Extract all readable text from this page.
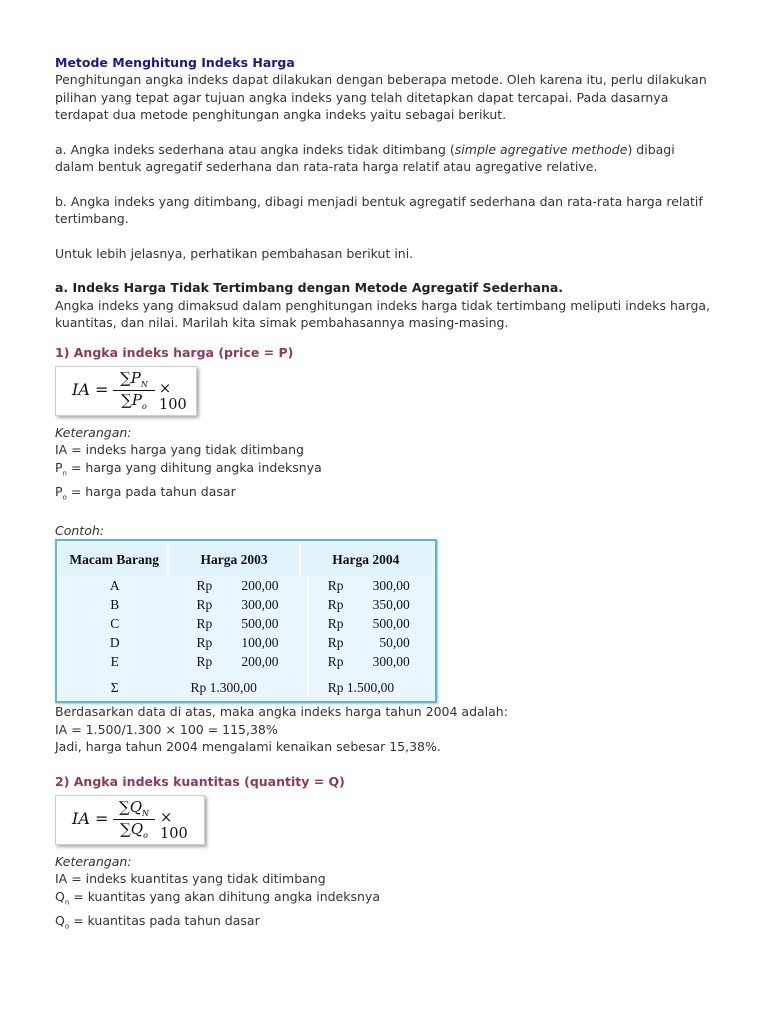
Metode Menghitung Indeks Harga

Penghitungan angka indeks dapat dilakukan dengan beberapa metode. Oleh karena itu, perlu dilakukan pilihan yang tepat agar tujuan angka indeks yang telah ditetapkan dapat tercapai. Pada dasarnya terdapat dua metode penghitungan angka indeks yaitu sebagai berikut.

a. Angka indeks sederhana atau angka indeks tidak ditimbang (simple agregative methode) dibagi dalam bentuk agregatif sederhana dan rata-rata harga relatif atau agregative relative.

b. Angka indeks yang ditimbang, dibagi menjadi bentuk agregatif sederhana dan rata-rata harga relatif tertimbang.

Untuk lebih jelasnya, perhatikan pembahasan berikut ini.

a. Indeks Harga Tidak Tertimbang dengan Metode Agregatif Sederhana.

Angka indeks yang dimaksud dalam penghitungan indeks harga tidak tertimbang meliputi indeks harga, kuantitas, dan nilai. Marilah kita simak pembahasannya masing-masing.

1) Angka indeks harga (price = P)
IA =
$\sum P_N$
$\sum P_o$
× 100

Keterangan:

IA = indeks harga yang tidak ditimbang

$P_n$ = harga yang dihitung angka indeksnya

$P_o$ = harga pada tahun dasar

Contoh:

Macam Barang	Harga 2003	Harga 2004
A	Rp 200,00	Rp 300,00
B	Rp 300,00	Rp 350,00
C	Rp 500,00	Rp 500,00
D	Rp 100,00	Rp 50,00
E	Rp 200,00	Rp 300,00
Σ	Rp 1.300,00	Rp 1.500,00

Berdasarkan data di atas, maka angka indeks harga tahun 2004 adalah:

IA = 1.500/1.300 × 100 = 115,38%

Jadi, harga tahun 2004 mengalami kenaikan sebesar 15,38%.

2) Angka indeks kuantitas (quantity = Q)
IA =
$\sum Q_N$
$\sum Q_o$
× 100

Keterangan:

IA = indeks kuantitas yang tidak ditimbang

$Q_n$ = kuantitas yang akan dihitung angka indeksnya

$Q_o$ = kuantitas pada tahun dasar
